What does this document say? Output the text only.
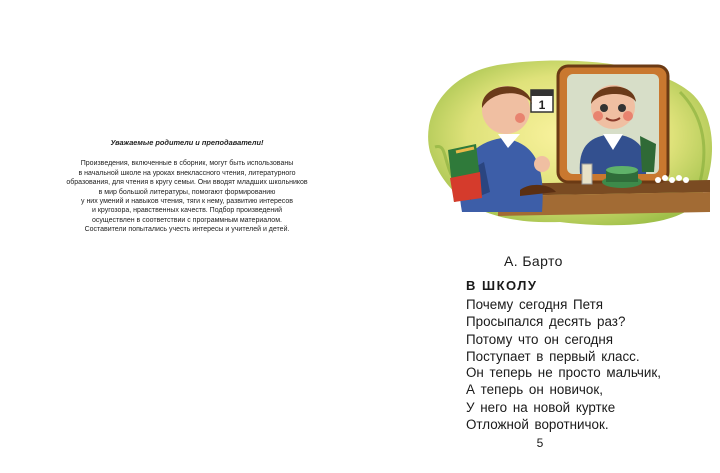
Уважаемые родители и преподаватели!
Произведения, включенные в сборник, могут быть использованы
в начальной школе на уроках внеклассного чтения, литературного
образования, для чтения в кругу семьи. Они вводят младших школьников
в мир большой литературы, помогают формированию
у них умений и навыков чтения, тяги к нему, развитию интересов
и кругозора, нравственных качеств. Подбор произведений
осуществлен в соответствии с программным материалом.
Составители попытались учесть интересы и учителей и детей.
1
А. Барто
В ШКОЛУ
Почему сегодня Петя
Просыпался десять раз?
Потому что он сегодня
Поступает в первый класс.
Он теперь не просто мальчик,
А теперь он новичок,
У него на новой куртке
Отложной воротничок.
5
